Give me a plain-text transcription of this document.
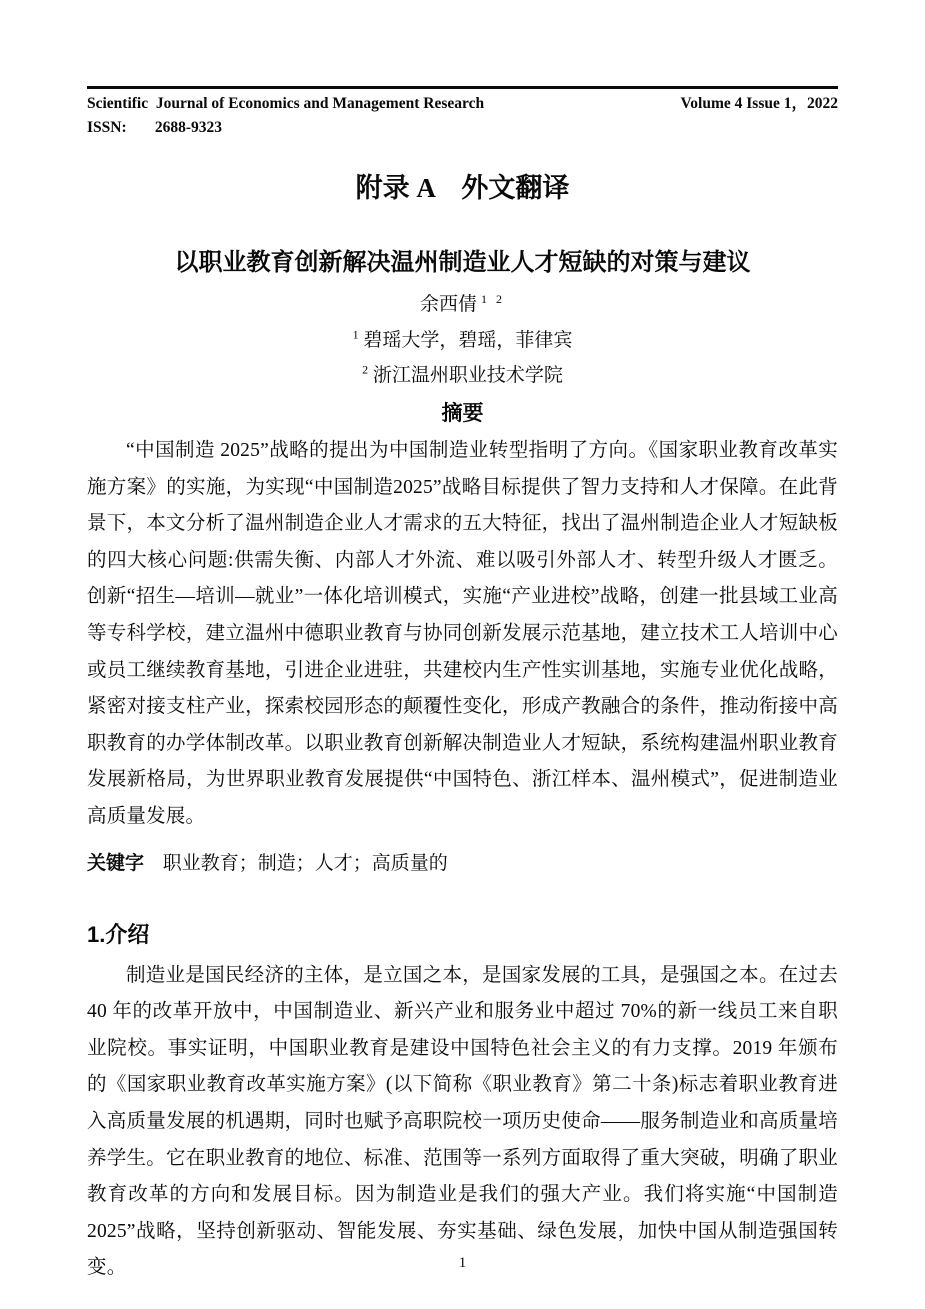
Scientific  Journal of Economics and Management Research	Volume 4 Issue 1，2022
ISSN: 2688-9323
附录 A　外文翻译
以职业教育创新解决温州制造业人才短缺的对策与建议
余西倩 $^{1 2}$
$^1$ 碧瑶大学，碧瑶，菲律宾
$^2$ 浙江温州职业技术学院
摘要
“中国制造 2025”战略的提出为中国制造业转型指明了方向。《国家职业教育改革实施方案》的实施，为实现“中国制造2025”战略目标提供了智力支持和人才保障。在此背景下，本文分析了温州制造企业人才需求的五大特征，找出了温州制造企业人才短缺板的四大核心问题:供需失衡、内部人才外流、难以吸引外部人才、转型升级人才匮乏。创新“招生—培训—就业”一体化培训模式，实施“产业进校”战略，创建一批县域工业高等专科学校，建立温州中德职业教育与协同创新发展示范基地，建立技术工人培训中心或员工继续教育基地，引进企业进驻，共建校内生产性实训基地，实施专业优化战略，紧密对接支柱产业，探索校园形态的颠覆性变化，形成产教融合的条件，推动衔接中高职教育的办学体制改革。以职业教育创新解决制造业人才短缺，系统构建温州职业教育发展新格局，为世界职业教育发展提供“中国特色、浙江样本、温州模式”，促进制造业高质量发展。
关键字 职业教育；制造；人才；高质量的
1.介绍
制造业是国民经济的主体，是立国之本，是国家发展的工具，是强国之本。在过去 40 年的改革开放中，中国制造业、新兴产业和服务业中超过 70%的新一线员工来自职业院校。事实证明，中国职业教育是建设中国特色社会主义的有力支撑。2019 年颁布的《国家职业教育改革实施方案》(以下简称《职业教育》第二十条)标志着职业教育进入高质量发展的机遇期，同时也赋予高职院校一项历史使命——服务制造业和高质量培养学生。它在职业教育的地位、标准、范围等一系列方面取得了重大突破，明确了职业教育改革的方向和发展目标。因为制造业是我们的强大产业。我们将实施“中国制造 2025”战略，坚持创新驱动、智能发展、夯实基础、绿色发展，加快中国从制造强国转变。	1
